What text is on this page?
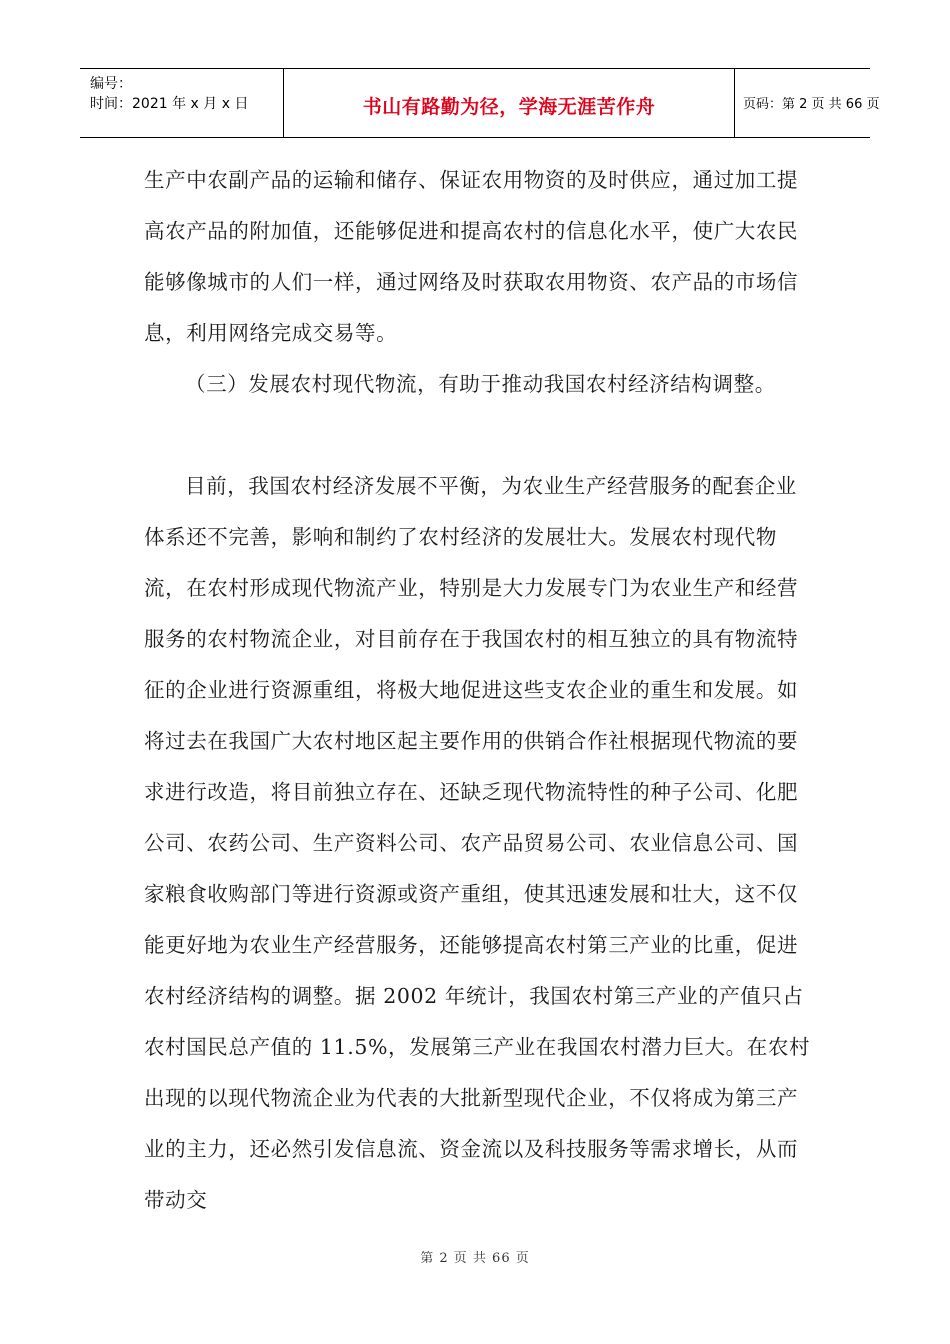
编号：
时间：2021 年 x 月 x 日	书山有路勤为径，学海无涯苦作舟	页码：第 2 页 共 66 页

生产中农副产品的运输和储存、保证农用物资的及时供应，通过加工提高农产品的附加值，还能够促进和提高农村的信息化水平，使广大农民能够像城市的人们一样，通过网络及时获取农用物资、农产品的市场信息，利用网络完成交易等。

（三）发展农村现代物流，有助于推动我国农村经济结构调整。

目前，我国农村经济发展不平衡，为农业生产经营服务的配套企业体系还不完善，影响和制约了农村经济的发展壮大。发展农村现代物流，在农村形成现代物流产业，特别是大力发展专门为农业生产和经营服务的农村物流企业，对目前存在于我国农村的相互独立的具有物流特征的企业进行资源重组，将极大地促进这些支农企业的重生和发展。如将过去在我国广大农村地区起主要作用的供销合作社根据现代物流的要求进行改造，将目前独立存在、还缺乏现代物流特性的种子公司、化肥公司、农药公司、生产资料公司、农产品贸易公司、农业信息公司、国家粮食收购部门等进行资源或资产重组，使其迅速发展和壮大，这不仅能更好地为农业生产经营服务，还能够提高农村第三产业的比重，促进农村经济结构的调整。据 2002 年统计，我国农村第三产业的产值只占农村国民总产值的 11.5%，发展第三产业在我国农村潜力巨大。在农村出现的以现代物流企业为代表的大批新型现代企业，不仅将成为第三产业的主力，还必然引发信息流、资金流以及科技服务等需求增长，从而带动交

第 2 页 共 66 页
